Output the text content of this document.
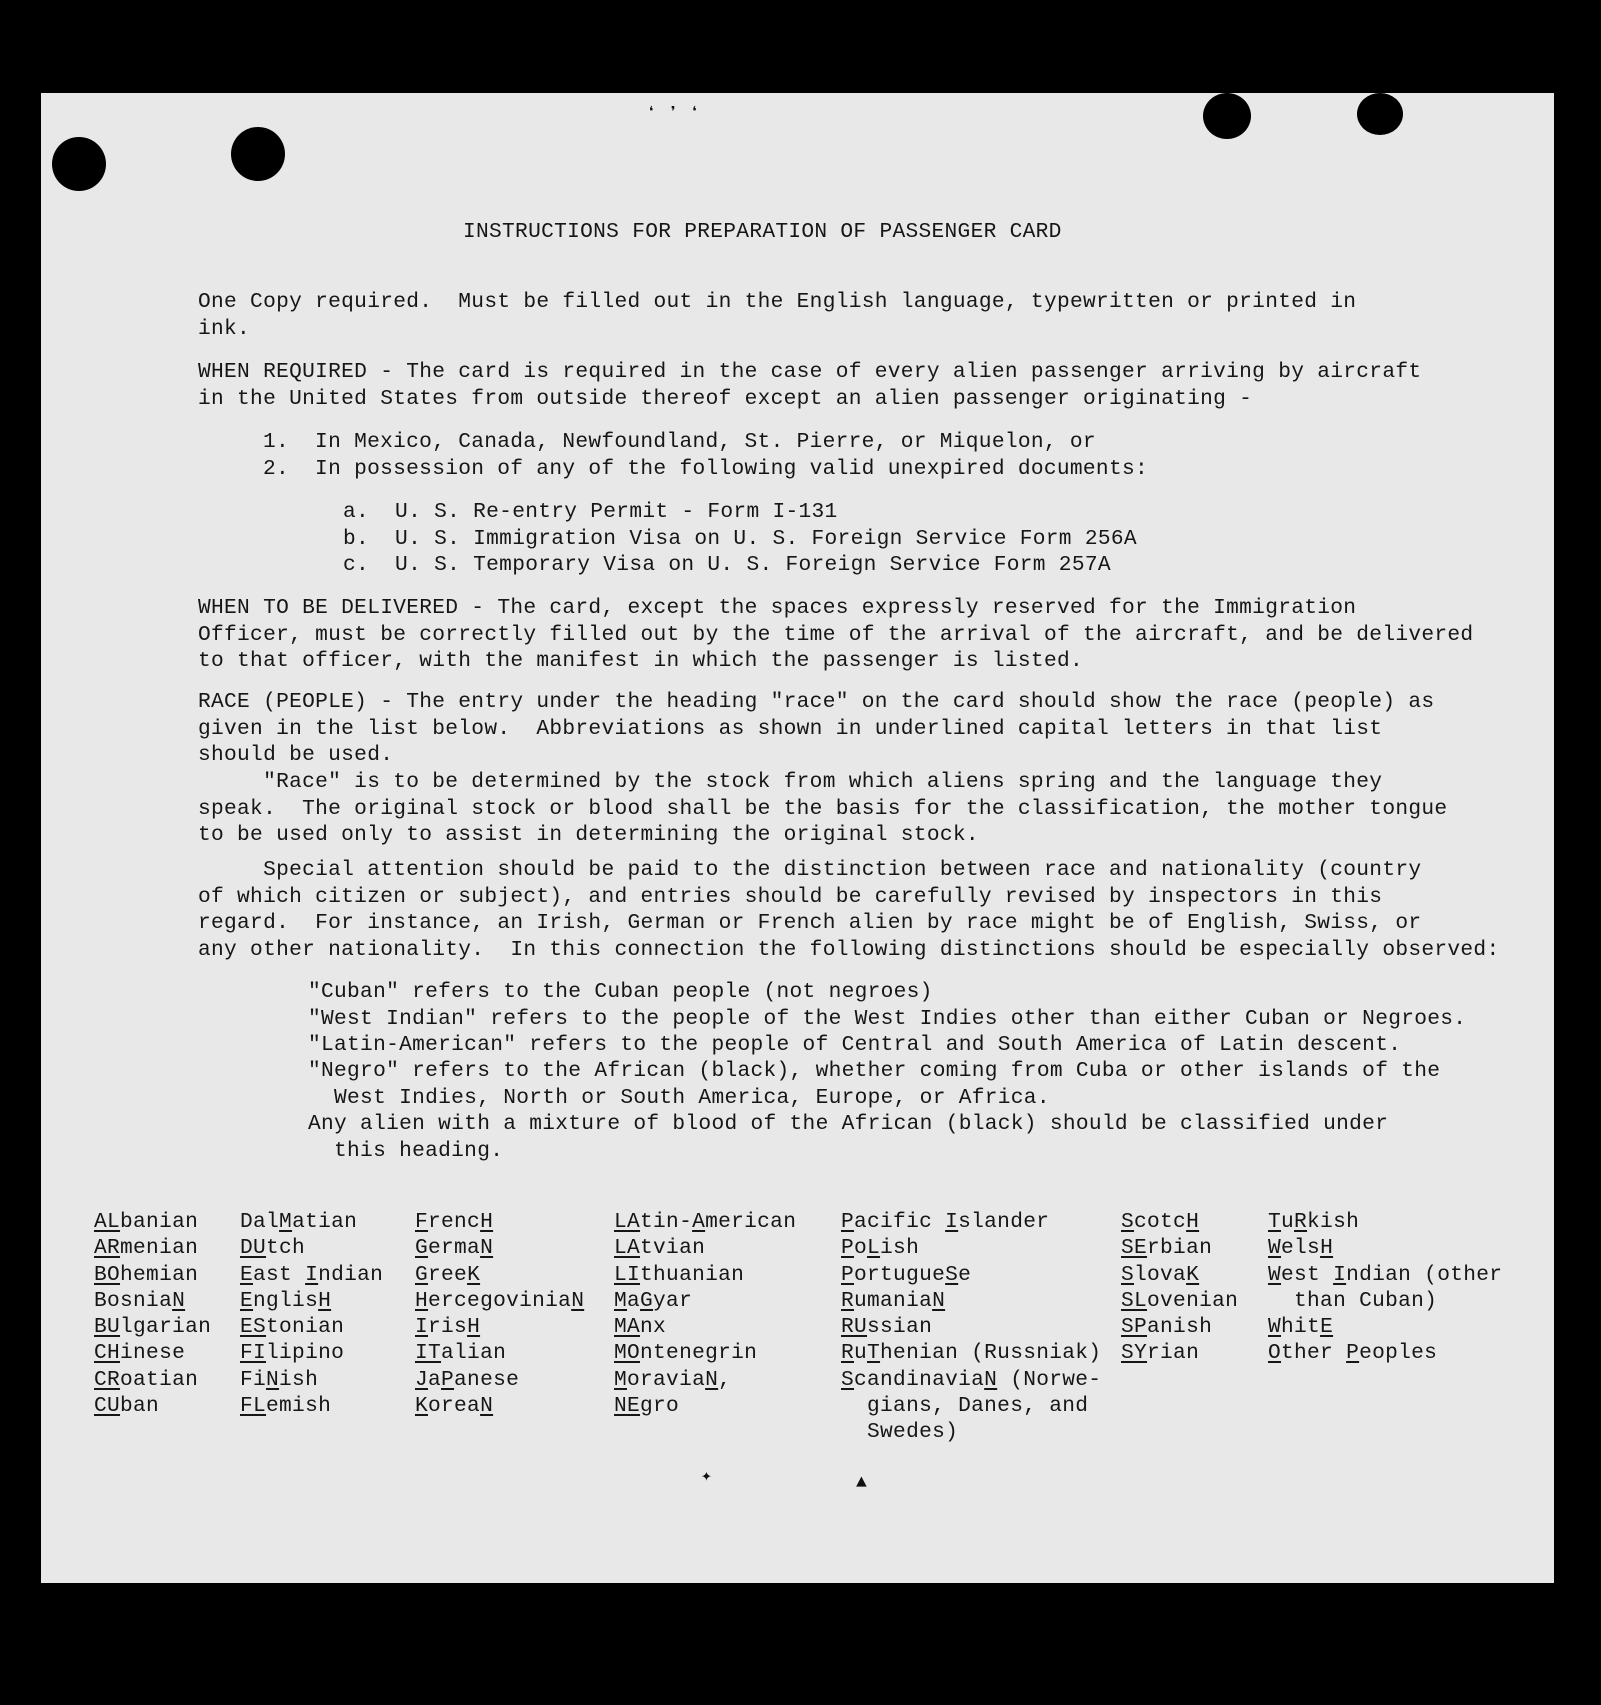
❛ ❜ ❛
✦	▲
INSTRUCTIONS FOR PREPARATION OF PASSENGER CARD
One Copy required.  Must be filled out in the English language, typewritten or printed in
ink.
WHEN REQUIRED - The card is required in the case of every alien passenger arriving by aircraft
in the United States from outside thereof except an alien passenger originating -
1.  In Mexico, Canada, Newfoundland, St. Pierre, or Miquelon, or
2.  In possession of any of the following valid unexpired documents:
a.  U. S. Re-entry Permit - Form I-131
b.  U. S. Immigration Visa on U. S. Foreign Service Form 256A
c.  U. S. Temporary Visa on U. S. Foreign Service Form 257A
WHEN TO BE DELIVERED - The card, except the spaces expressly reserved for the Immigration
Officer, must be correctly filled out by the time of the arrival of the aircraft, and be delivered
to that officer, with the manifest in which the passenger is listed.
RACE (PEOPLE) - The entry under the heading "race" on the card should show the race (people) as
given in the list below.  Abbreviations as shown in underlined capital letters in that list
should be used.
"Race" is to be determined by the stock from which aliens spring and the language they
speak.  The original stock or blood shall be the basis for the classification, the mother tongue
to be used only to assist in determining the original stock.
Special attention should be paid to the distinction between race and nationality (country
of which citizen or subject), and entries should be carefully revised by inspectors in this
regard.  For instance, an Irish, German or French alien by race might be of English, Swiss, or
any other nationality.  In this connection the following distinctions should be especially observed:
"Cuban" refers to the Cuban people (not negroes)
"West Indian" refers to the people of the West Indies other than either Cuban or Negroes.
"Latin-American" refers to the people of Central and South America of Latin descent.
"Negro" refers to the African (black), whether coming from Cuba or other islands of the
West Indies, North or South America, Europe, or Africa.
Any alien with a mixture of blood of the African (black) should be classified under
this heading.
ALbanian
ARmenian
BOhemian
BosniaN
BUlgarian
CHinese
CRoatian
CUban
DalMatian
DUtch
East Indian
EnglisH
EStonian
FIlipino
FiNish
FLemish
FrencH
GermaN
GreeK
HercegoviniaN
IrisH
ITalian
JaPanese
KoreaN
LAtin-American
LAtvian
LIthuanian
MaGyar
MAnx
MOntenegrin
MoraviaN,
NEgro
Pacific Islander
PoLish
PortugueSe
RumaniaN
RUssian
RuThenian (Russniak)
ScandinaviaN (Norwe-
gians, Danes, and
Swedes)
ScotcH
SErbian
SlovaK
SLovenian
SPanish
SYrian
TuRkish
WelsH
West Indian (other
than Cuban)
WhitE
Other Peoples
